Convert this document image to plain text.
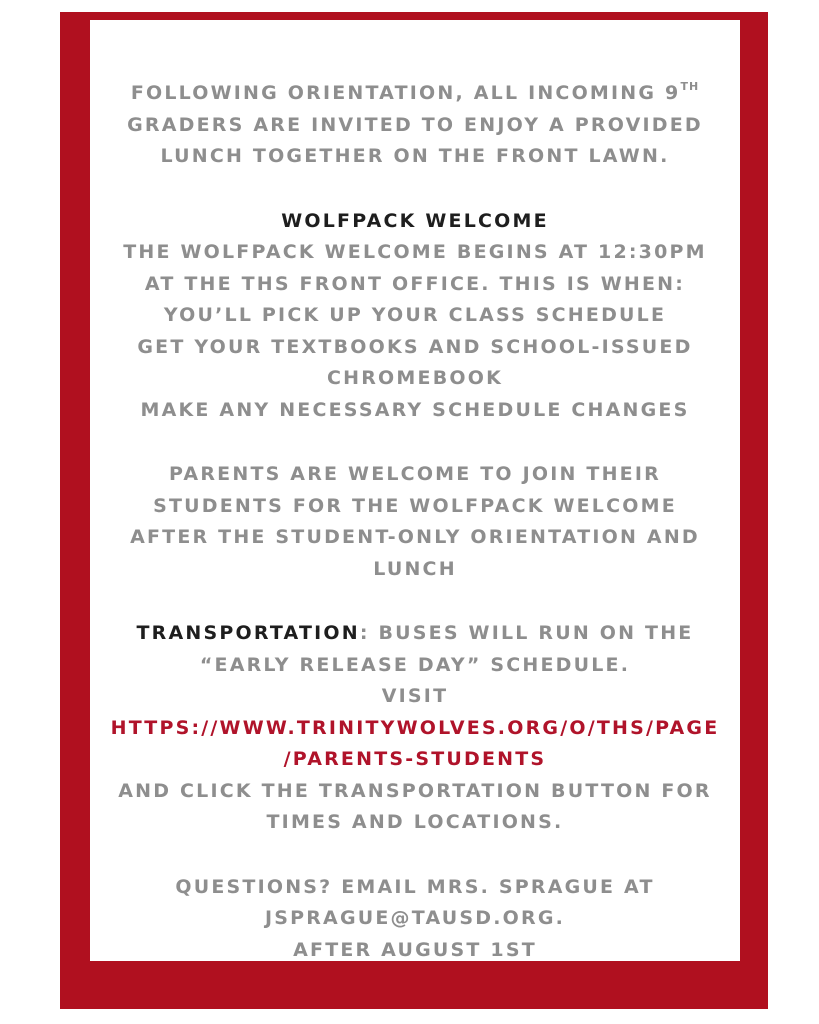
FOLLOWING ORIENTATION, ALL INCOMING 9TH

GRADERS ARE INVITED TO ENJOY A PROVIDED

LUNCH TOGETHER ON THE FRONT LAWN.

WOLFPACK WELCOME

THE WOLFPACK WELCOME BEGINS AT 12:30PM

AT THE THS FRONT OFFICE. THIS IS WHEN:

YOU’LL PICK UP YOUR CLASS SCHEDULE

GET YOUR TEXTBOOKS AND SCHOOL-ISSUED

CHROMEBOOK

MAKE ANY NECESSARY SCHEDULE CHANGES

PARENTS ARE WELCOME TO JOIN THEIR

STUDENTS FOR THE WOLFPACK WELCOME

AFTER THE STUDENT-ONLY ORIENTATION AND

LUNCH

TRANSPORTATION: BUSES WILL RUN ON THE

“EARLY RELEASE DAY” SCHEDULE.

VISIT

HTTPS://WWW.TRINITYWOLVES.ORG/O/THS/PAGE

/PARENTS-STUDENTS

AND CLICK THE TRANSPORTATION BUTTON FOR

TIMES AND LOCATIONS.

QUESTIONS? EMAIL MRS. SPRAGUE AT

JSPRAGUE@TAUSD.ORG.

AFTER AUGUST 1ST
